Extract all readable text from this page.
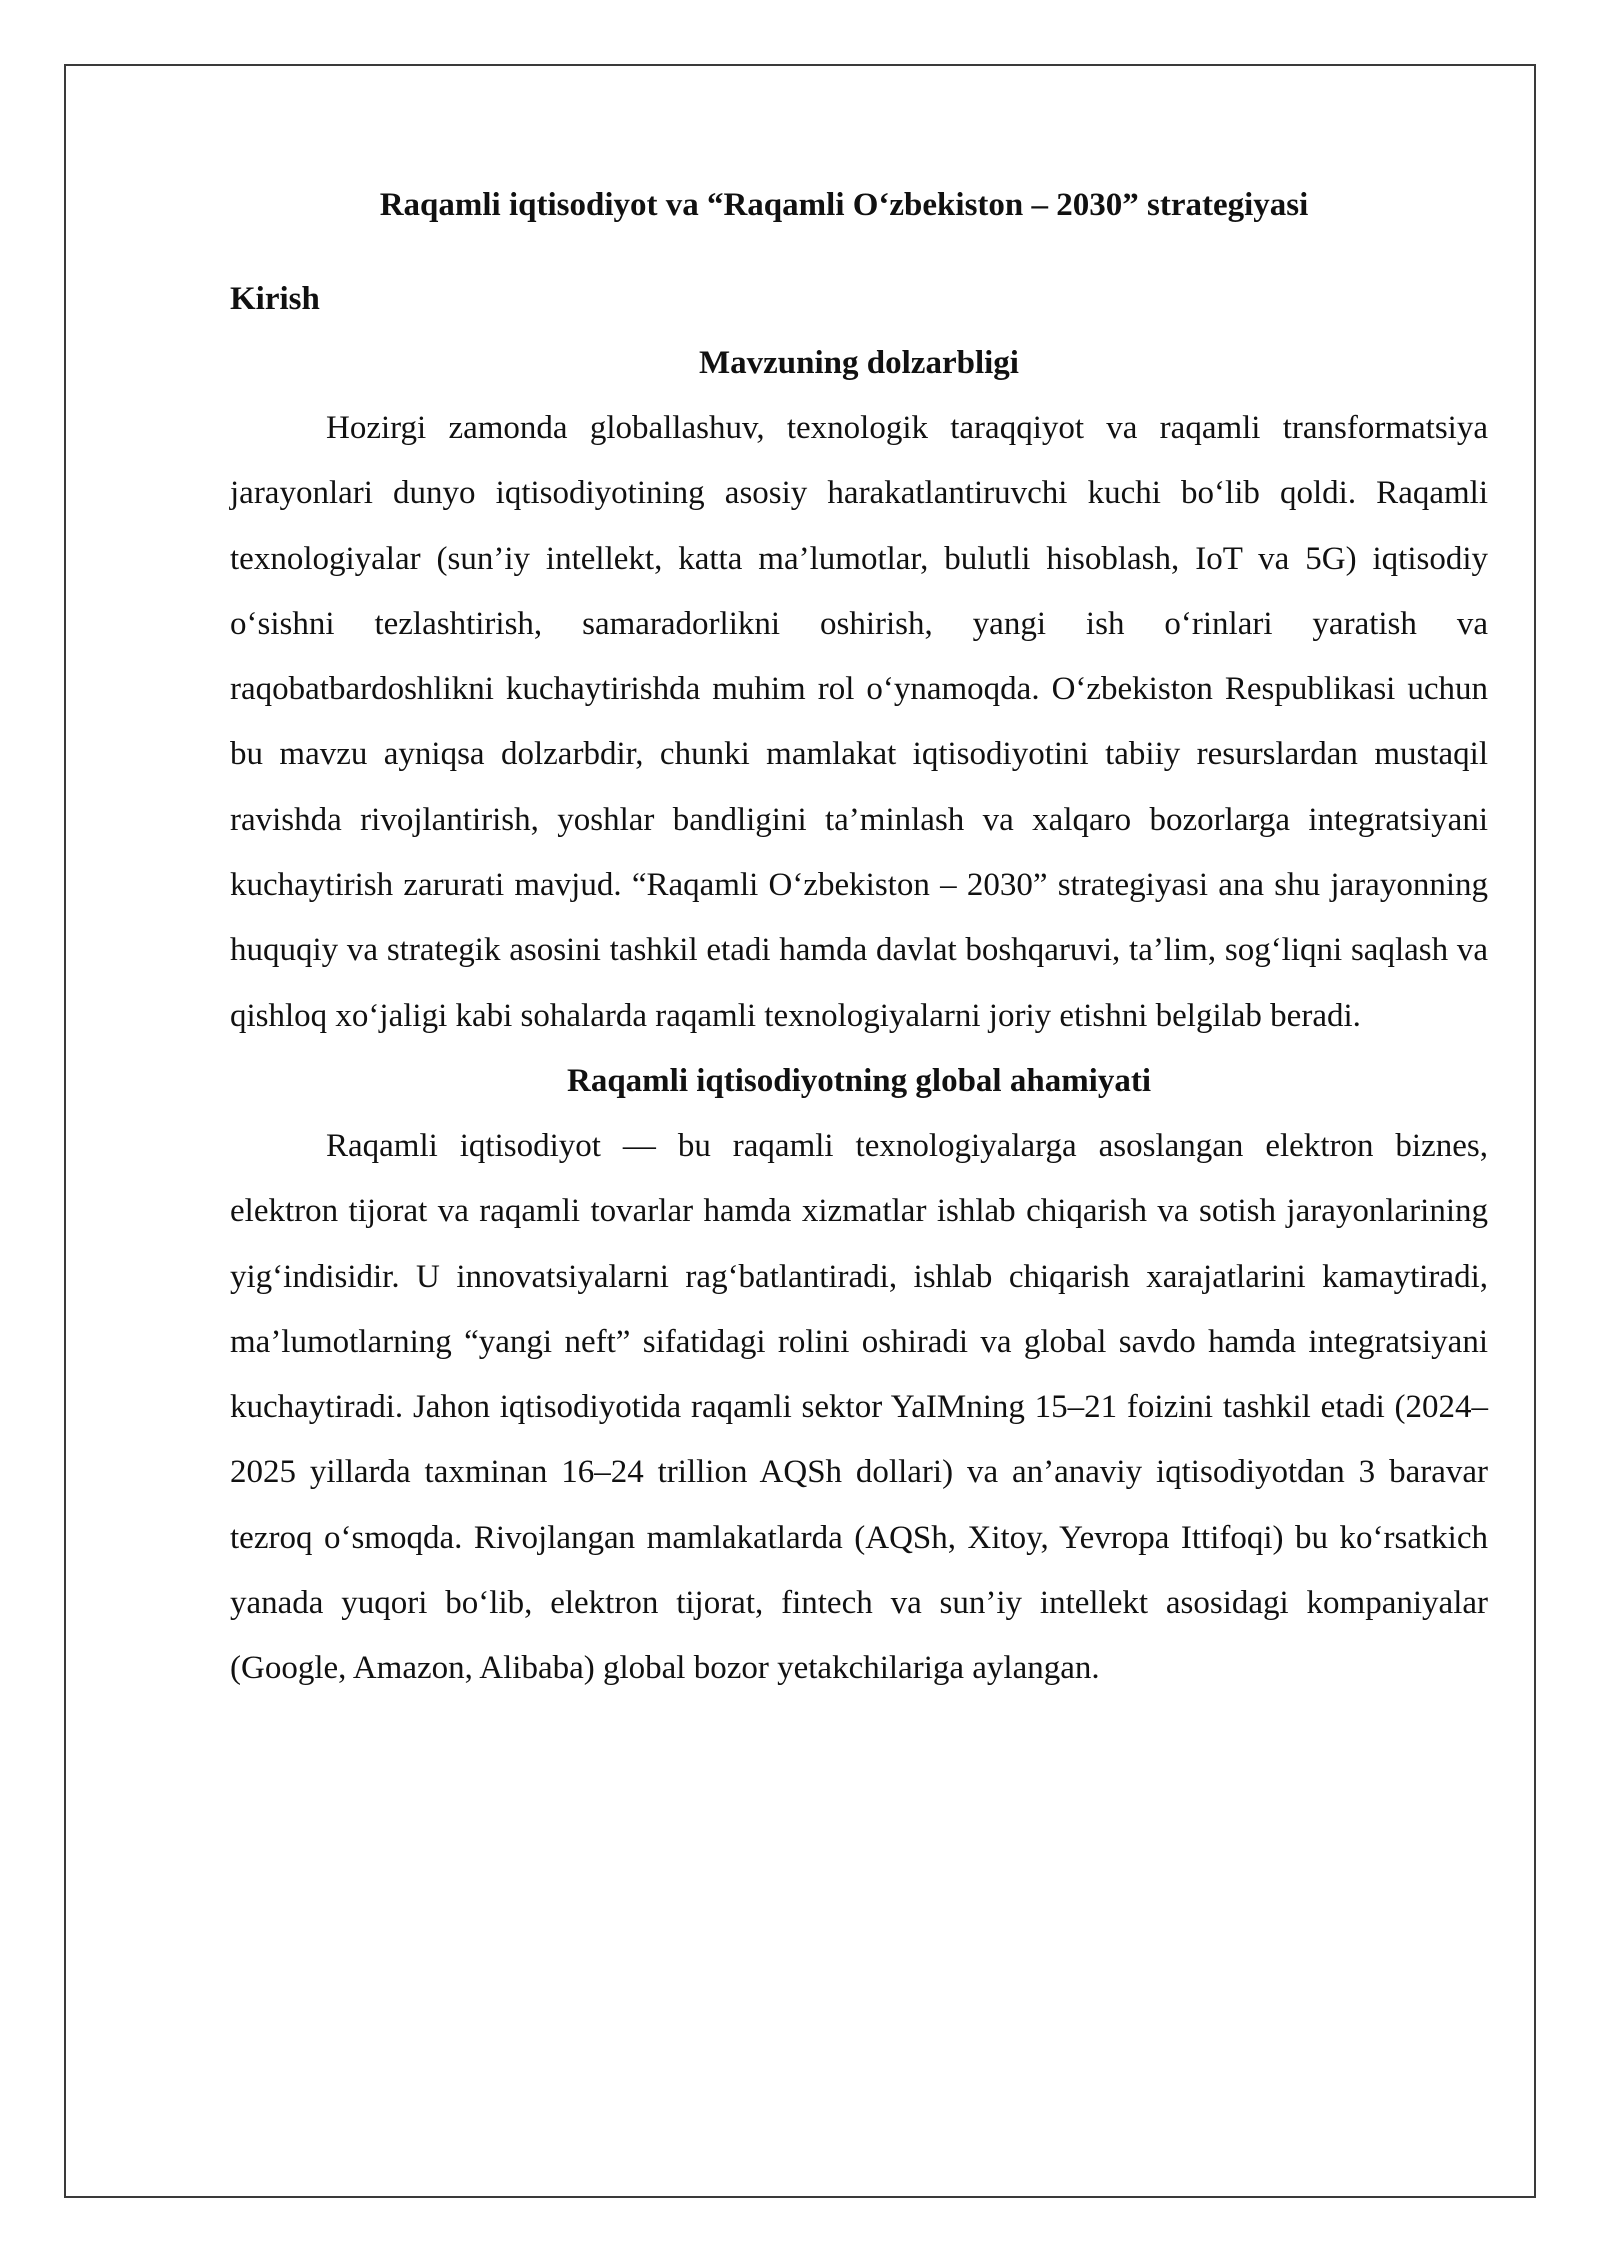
Raqamli iqtisodiyot va “Raqamli O‘zbekiston – 2030” strategiyasi
Kirish
Mavzuning dolzarbligi

Hozirgi zamonda globallashuv, texnologik taraqqiyot va raqamli transformatsiya jarayonlari dunyo iqtisodiyotining asosiy harakatlantiruvchi kuchi bo‘lib qoldi. Raqamli texnologiyalar (sun’iy intellekt, katta ma’lumotlar, bulutli hisoblash, IoT va 5G) iqtisodiy o‘sishni tezlashtirish, samaradorlikni oshirish, yangi ish o‘rinlari yaratish va raqobatbardoshlikni kuchaytirishda muhim rol o‘ynamoqda. O‘zbekiston Respublikasi uchun bu mavzu ayniqsa dolzarbdir, chunki mamlakat iqtisodiyotini tabiiy resurslardan mustaqil ravishda rivojlantirish, yoshlar bandligini ta’minlash va xalqaro bozorlarga integratsiyani kuchaytirish zarurati mavjud. “Raqamli O‘zbekiston – 2030” strategiyasi ana shu jarayonning huquqiy va strategik asosini tashkil etadi hamda davlat boshqaruvi, ta’lim, sog‘liqni saqlash va qishloq xo‘jaligi kabi sohalarda raqamli texnologiyalarni joriy etishni belgilab beradi.

Raqamli iqtisodiyotning global ahamiyati

Raqamli iqtisodiyot — bu raqamli texnologiyalarga asoslangan elektron biznes, elektron tijorat va raqamli tovarlar hamda xizmatlar ishlab chiqarish va sotish jarayonlarining yig‘indisidir. U innovatsiyalarni rag‘batlantiradi, ishlab chiqarish xarajatlarini kamaytiradi, ma’lumotlarning “yangi neft” sifatidagi rolini oshiradi va global savdo hamda integratsiyani kuchaytiradi. Jahon iqtisodiyotida raqamli sektor YaIMning 15–21 foizini tashkil etadi (2024–2025 yillarda taxminan 16–24 trillion AQSh dollari) va an’anaviy iqtisodiyotdan 3 baravar tezroq o‘smoqda. Rivojlangan mamlakatlarda (AQSh, Xitoy, Yevropa Ittifoqi) bu ko‘rsatkich yanada yuqori bo‘lib, elektron tijorat, fintech va sun’iy intellekt asosidagi kompaniyalar (Google, Amazon, Alibaba) global bozor yetakchilariga aylangan.
